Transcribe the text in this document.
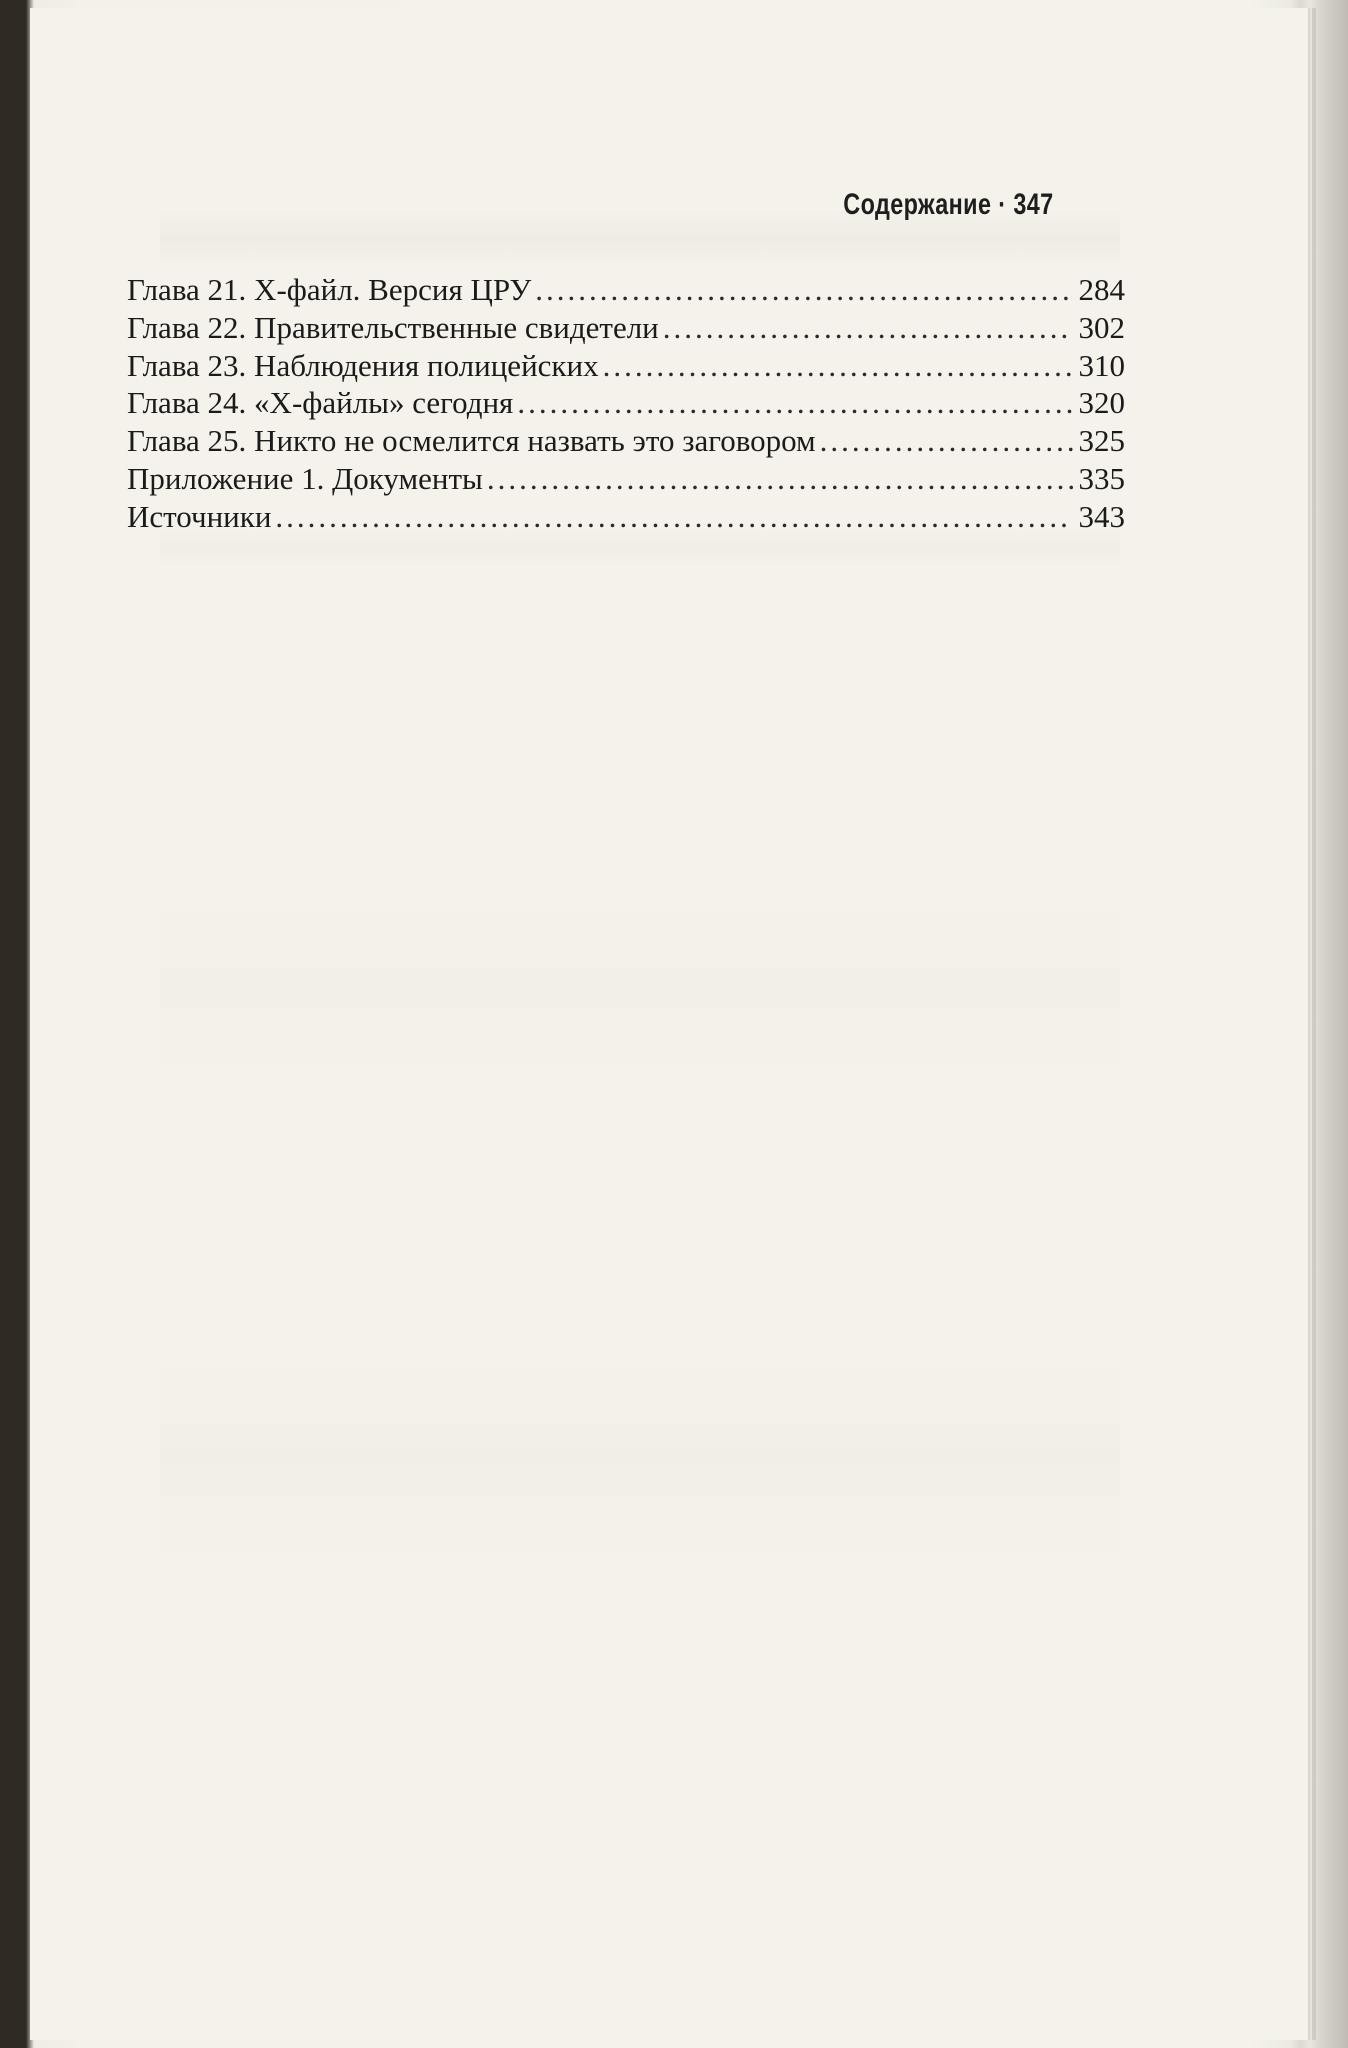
Содержание · 347
Глава 21. Х-файл. Версия ЦРУ .....	284
Глава 22. Правительственные свидетели .....	302
Глава 23. Наблюдения полицейских .....	310
Глава 24. «Х-файлы» сегодня .....	320
Глава 25. Никто не осмелится назвать это заговором .....	325
Приложение 1. Документы .....	335
Источники .....	343
